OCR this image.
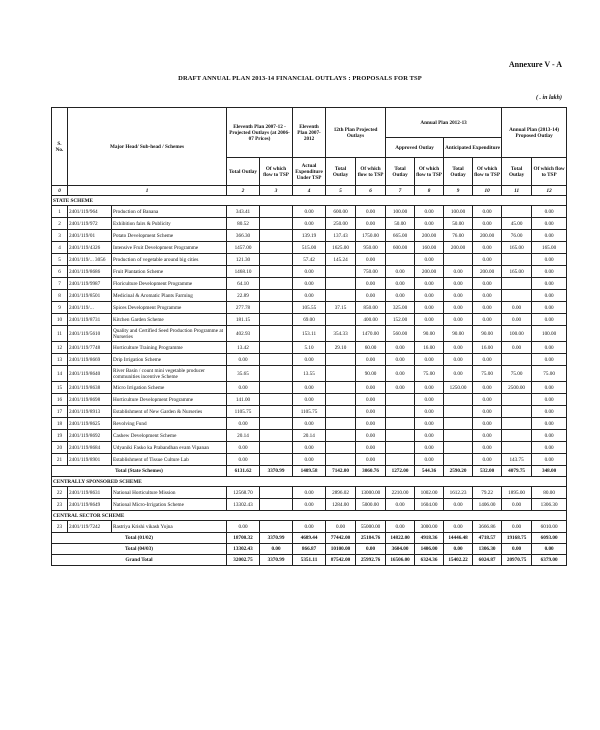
Annexure V - A
DRAFT ANNUAL PLAN 2013-14 FINANCIAL OUTLAYS : PROPOSALS FOR TSP
( . in lakh)
S. No.	Major Head/ Sub-head / Schemes		Eleventh Plan 2007-12 - Projected Outlays (at 2006-07 Prices)		Eleventh Plan 2007-2012	12th Plan Projected Outlays		Annual Plan 2012-13				Annual Plan (2013-14) Proposed Outlay	
								Approved Outlay		Anticipated Expenditure			
			Total Outlay	Of which flow to TSP	Actual Expenditure Under TSP	Total Outlay	Of which flow to TSP	Total Outlay	Of which flow to TSP	Total Outlay	Of which flow to TSP	Total Outlay	Of which flow to TSP
0	1		2	3	4	5	6	7	8	9	10	11	12
STATE SCHEME													
1	2401/119/964	Production of Banana	343.41		0.00	600.00	0.00	100.00	0.00	100.00	0.00		0.00
2	2401/119/972	Exhibition fairs & Publicity	80.52		0.00	250.00	0.00	50.00	0.00	50.00	0.00	45.00	0.00
3	2401/119/01	Potato Development Scheme	366.30		139.19	137.43	1750.00	665.00	200.00	76.00	200.00	76.00	0.00
4	2401/119/4326	Intensive Fruit Development Programme	1457.00		515.00	1625.00	950.00	600.00	160.00	200.00	0.00	165.00	165.00
5	2401/119/... 3056	Production of vegetable around big cities	121.30		57.42	145.24	0.00		0.00		0.00		0.00
6	2401/119/8686	Fruit Plantation Scheme	1468.10		0.00		750.00	0.00	200.00	0.00	200.00	165.00	0.00
7	2401/119/9987	Floriculture Development Programme	64.10		0.00		0.00	0.00	0.00	0.00	0.00		0.00
8	2401/119/8501	Medicinal & Aromatic Plants Farming	22.89		0.00		0.00	0.00	0.00	0.00	0.00		0.00
9	2401/119/...	Spices Development Programme	277.78		105.55	37.15	850.00	325.00	0.00	0.00	0.00	0.00	0.00
10	2401/119/8731	Kitchen Garden Scheme	181.15		69.00		400.00	152.00	0.00	0.00	0.00	0.00	0.00
11	2401/119/5610	Quality and Certified Seed Production Programme at Nurseries	402.93		153.11	354.33	1470.00	560.00	90.00	90.00	90.00	100.00	100.00
12	2401/119/7748	Horticulture Training Programme	13.42		5.10	29.10	60.00	0.00	16.00	0.00	16.00	0.00	0.00
13	2401/119/8669	Drip Irrigation Scheme	0.00		0.00		0.00	0.00	0.00	0.00	0.00		0.00
14	2401/119/8640	River Basin / count mini vegetable producer communities incentive Scheme	35.65		13.55		90.00	0.00	75.00	0.00	75.00	75.00	75.00
15	2401/119/8638	Micro Irrigation Scheme	0.00		0.00		0.00	0.00	0.00	1250.00	0.00	2500.00	0.00
16	2401/119/8698	Horticulture Development Programme	141.00		0.00		0.00		0.00		0.00		0.00
17	2401/119/8913	Establishment of New Garden & Nurseries	1105.75		1105.75		0.00		0.00		0.00		0.00
18	2401/119/8625	Revolving Fund	0.00		0.00		0.00		0.00		0.00		0.00
19	2401/119/8692	Cashew Development Scheme	20.14		20.14		0.00		0.00		0.00		0.00
20	2401/119/8684	Udyaniki Fasko ka Prabandhan evam Vipanan	0.00		0.00		0.00		0.00		0.00		0.00
21	2401/119/8901	Establishment of Tissue Culture Lab	0.00		0.00		0.00		0.00		0.00	143.75	0.00
Total (State Schemes)			6131.62	3370.99	1409.58	7142.00	3060.76	1272.00	544.36	2590.20	532.00	4079.75	348.00
CENTRALLY SPONSORED SCHEME													
22	2401/119/8631	National Horticulture Mission	12568.70		0.00	2896.02	13000.00	2210.00	1002.00	1612.23	79.22	1895.00	80.00
23	2401/119/8649	National Micro-Irrigation Scheme	13302.43		0.00	1284.00	5000.00	0.00	1604.00	0.00	1406.00	0.00	1306.30
CENTRAL SECTOR SCHEME													
23	2401/119/7242	Rastriya Krishi vikash Yojna	0.00		0.00	0.00	55000.00	0.00	3000.00	0.00	3666.86	0.00	6010.00
Total (01/02)			18700.32	3370.99	4689.44	77442.00	25184.76	14822.00	4918.36	14446.48	4718.57	19168.75	6093.00
Total (04/03)			13302.43	0.00	866.87	10100.00	0.00	3604.00	1406.00	0.00	1306.30	0.00	0.00
Grand Total			32002.75	3370.99	5351.11	87542.00	25992.76	16506.00	6324.36	15402.22	6024.87	20970.75	6379.00
